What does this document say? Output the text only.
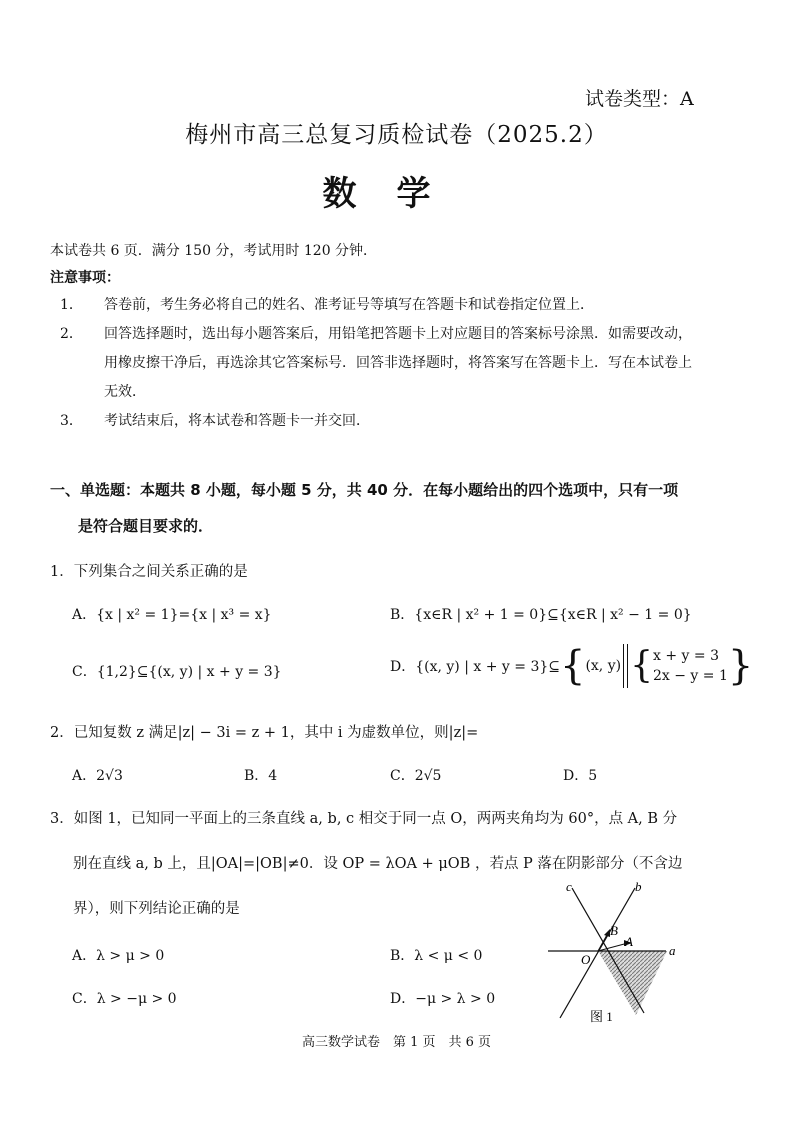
试卷类型：A
梅州市高三总复习质检试卷（2025.2）
数学
本试卷共 6 页．满分 150 分，考试用时 120 分钟．
注意事项：
1． 答卷前，考生务必将自己的姓名、准考证号等填写在答题卡和试卷指定位置上．
2． 回答选择题时，选出每小题答案后，用铅笔把答题卡上对应题目的答案标号涂黑．如需要改动，用橡皮擦干净后，再选涂其它答案标号．回答非选择题时，将答案写在答题卡上．写在本试卷上无效．
3． 考试结束后，将本试卷和答题卡一并交回．
一、单选题：本题共 8 小题，每小题 5 分，共 40 分．在每小题给出的四个选项中，只有一项
是符合题目要求的．
1．下列集合之间关系正确的是
A．{x | x² = 1}={x | x³ = x}	B．{x∈R | x² + 1 = 0}⊆{x∈R | x² − 1 = 0}
C．{1,2}⊆{(x, y) | x + y = 3}	D．{(x, y) | x + y = 3}⊆{(x, y) { x + y = 3
2x − y = 1 }
2．已知复数 z 满足|z| − 3i = z + 1，其中 i 为虚数单位，则|z|=
A．2√3	B．4	C．2√5	D．5
3．如图 1，已知同一平面上的三条直线 a, b, c 相交于同一点 O，两两夹角均为 60°，点 A, B 分
别在直线 a, b 上，且|OA|=|OB|≠0．设 OP = λOA + μOB ，若点 P 落在阴影部分（不含边
界），则下列结论正确的是
A．λ > μ > 0	B．λ < μ < 0
C．λ > −μ > 0	D．−μ > λ > 0
c	b
a
O
A
B
图 1
高三数学试卷　第 1 页　共 6 页
